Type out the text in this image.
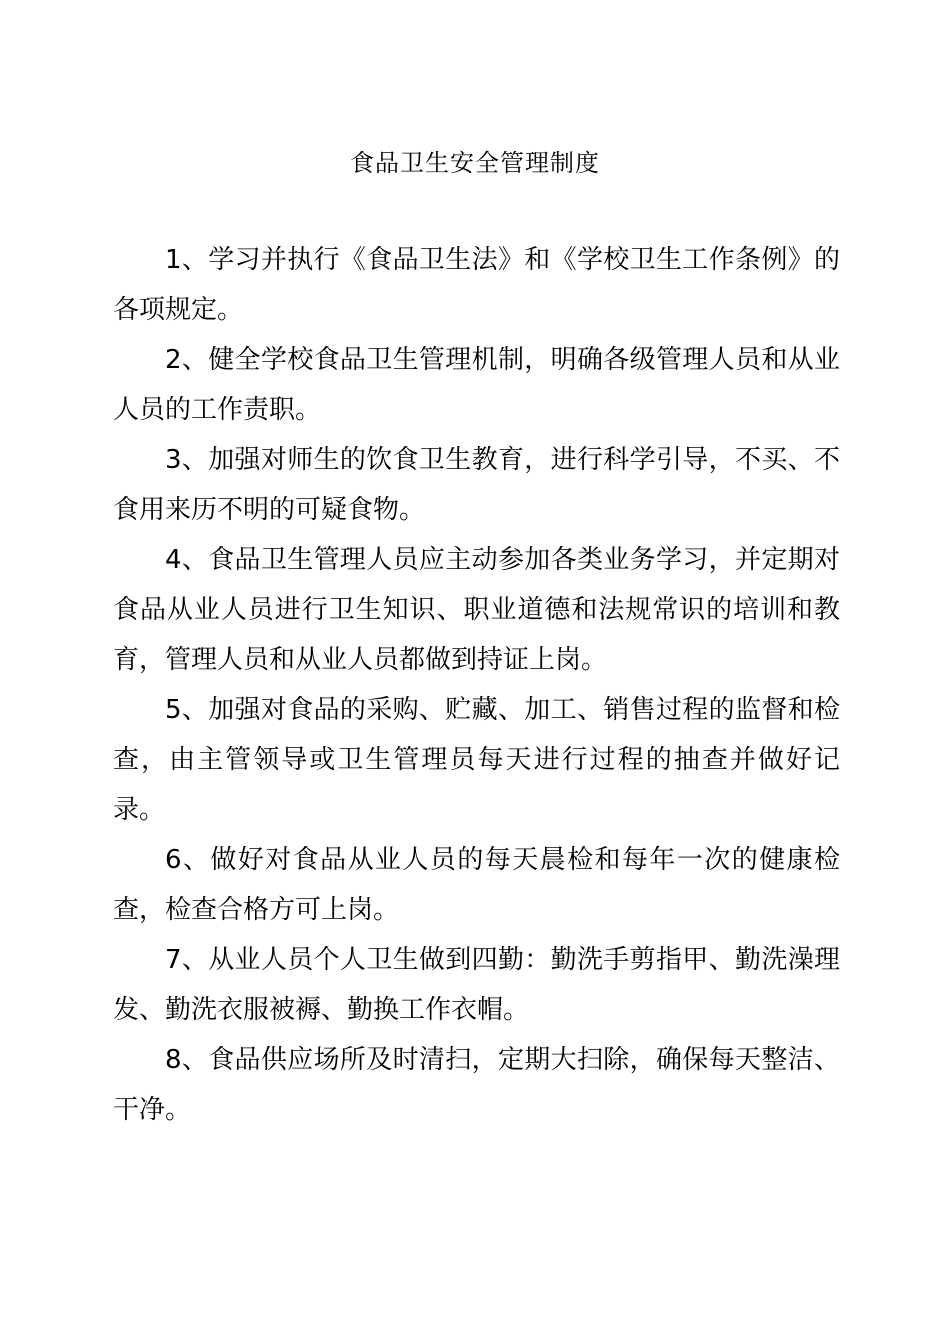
食品卫生安全管理制度

1、学习并执行《食品卫生法》和《学校卫生工作条例》的各项规定。

2、健全学校食品卫生管理机制，明确各级管理人员和从业人员的工作责职。

3、加强对师生的饮食卫生教育，进行科学引导，不买、不食用来历不明的可疑食物。

4、食品卫生管理人员应主动参加各类业务学习，并定期对食品从业人员进行卫生知识、职业道德和法规常识的培训和教育，管理人员和从业人员都做到持证上岗。

5、加强对食品的采购、贮藏、加工、销售过程的监督和检查，由主管领导或卫生管理员每天进行过程的抽查并做好记录。

6、做好对食品从业人员的每天晨检和每年一次的健康检查，检查合格方可上岗。

7、从业人员个人卫生做到四勤：勤洗手剪指甲、勤洗澡理发、勤洗衣服被褥、勤换工作衣帽。

8、食品供应场所及时清扫，定期大扫除，确保每天整洁、干净。
